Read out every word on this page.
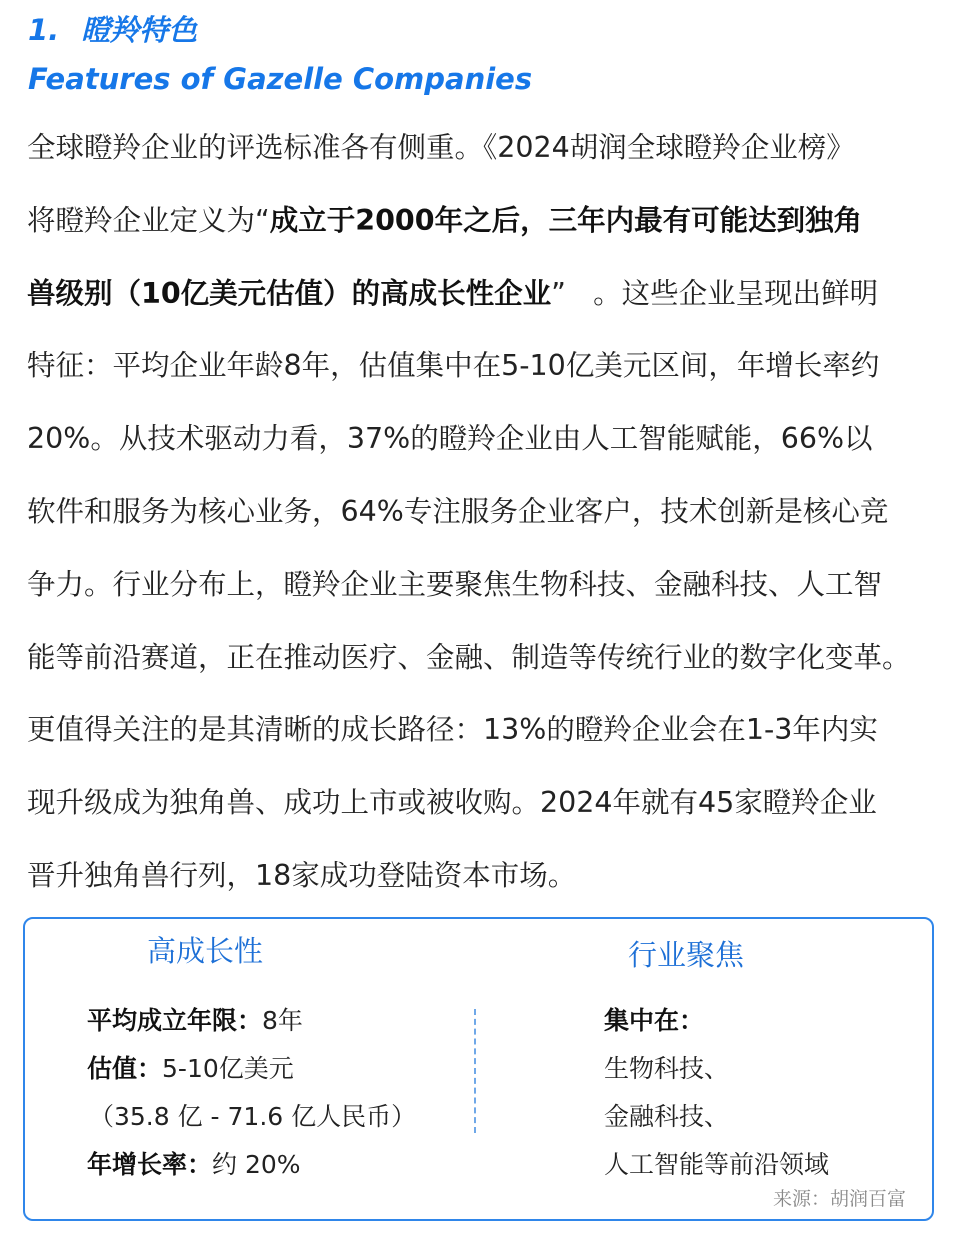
1. 瞪羚特色
Features of Gazelle Companies
全球瞪羚企业的评选标准各有侧重。《2024胡润全球瞪羚企业榜》
将瞪羚企业定义为“成立于2000年之后，三年内最有可能达到独角
兽级别（10亿美元估值）的高成长性企业”   。这些企业呈现出鲜明
特征：平均企业年龄8年，估值集中在5-10亿美元区间，年增长率约
20%。从技术驱动力看，37%的瞪羚企业由人工智能赋能，66%以
软件和服务为核心业务，64%专注服务企业客户，技术创新是核心竞
争力。行业分布上，瞪羚企业主要聚焦生物科技、金融科技、人工智
能等前沿赛道，正在推动医疗、金融、制造等传统行业的数字化变革。
更值得关注的是其清晰的成长路径：13%的瞪羚企业会在1-3年内实
现升级成为独角兽、成功上市或被收购。2024年就有45家瞪羚企业
晋升独角兽行列，18家成功登陆资本市场。
高成长性	行业聚焦
平均成立年限：8年
估值：5-10亿美元
（35.8 亿 - 71.6 亿人民币）
年增长率：约 20%
集中在：
生物科技、
金融科技、
人工智能等前沿领域
来源：胡润百富
